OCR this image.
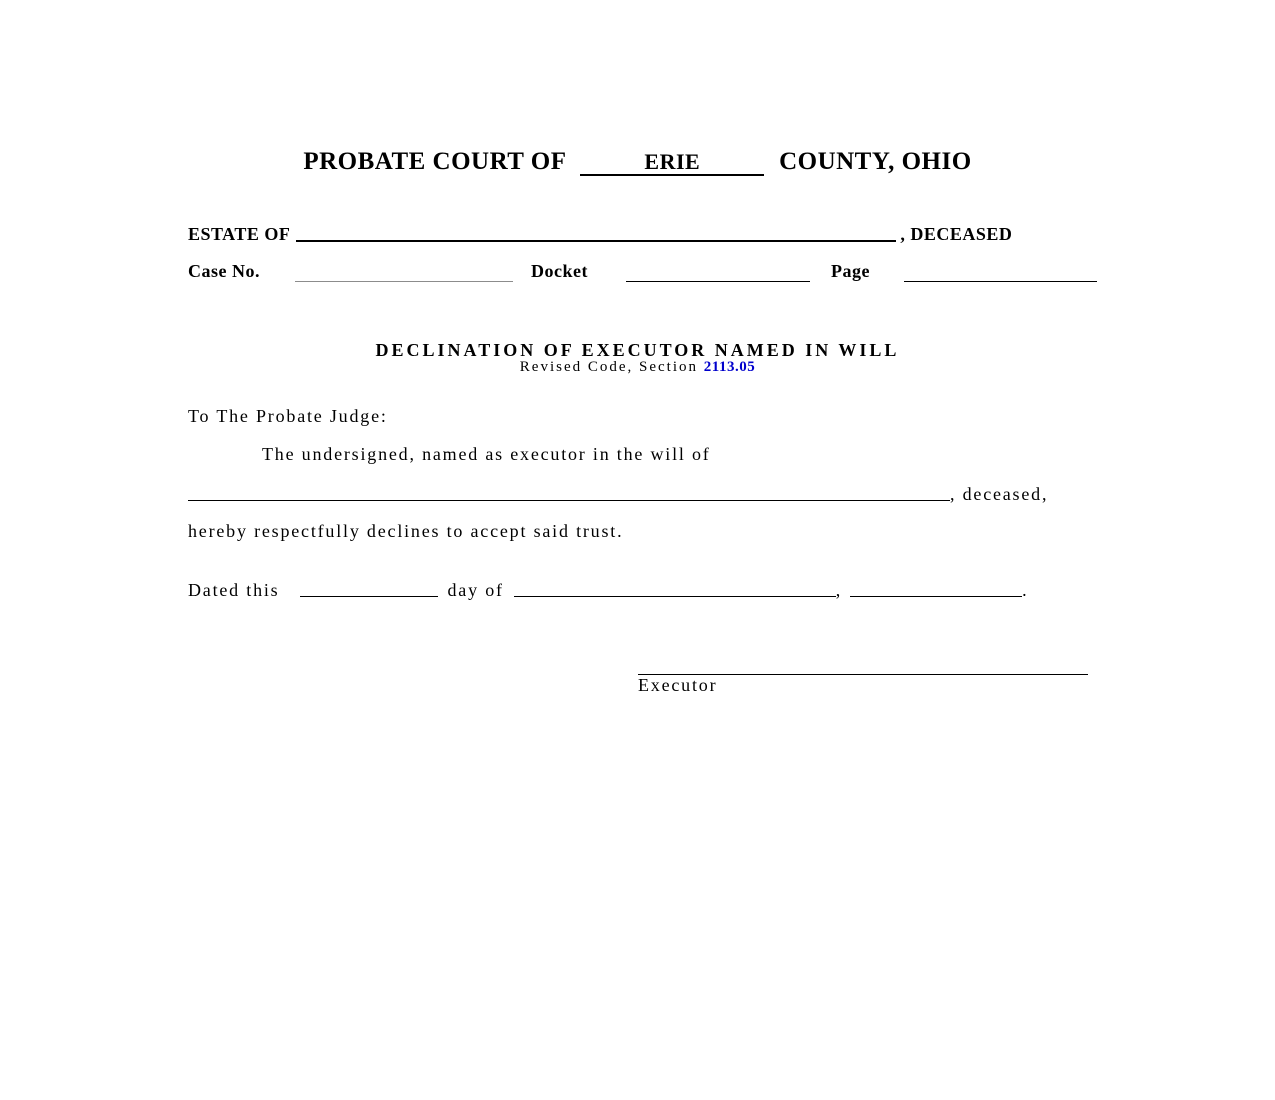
PROBATE COURT OF	ERIE	COUNTY, OHIO
ESTATE OF	, DECEASED
Case No.	Docket	Page
DECLINATION OF EXECUTOR NAMED IN WILL
Revised Code, Section 2113.05
To The Probate Judge:
The undersigned, named as executor in the will of
, deceased,
hereby respectfully declines to accept said trust.
Dated this	day of	,	.
Executor
